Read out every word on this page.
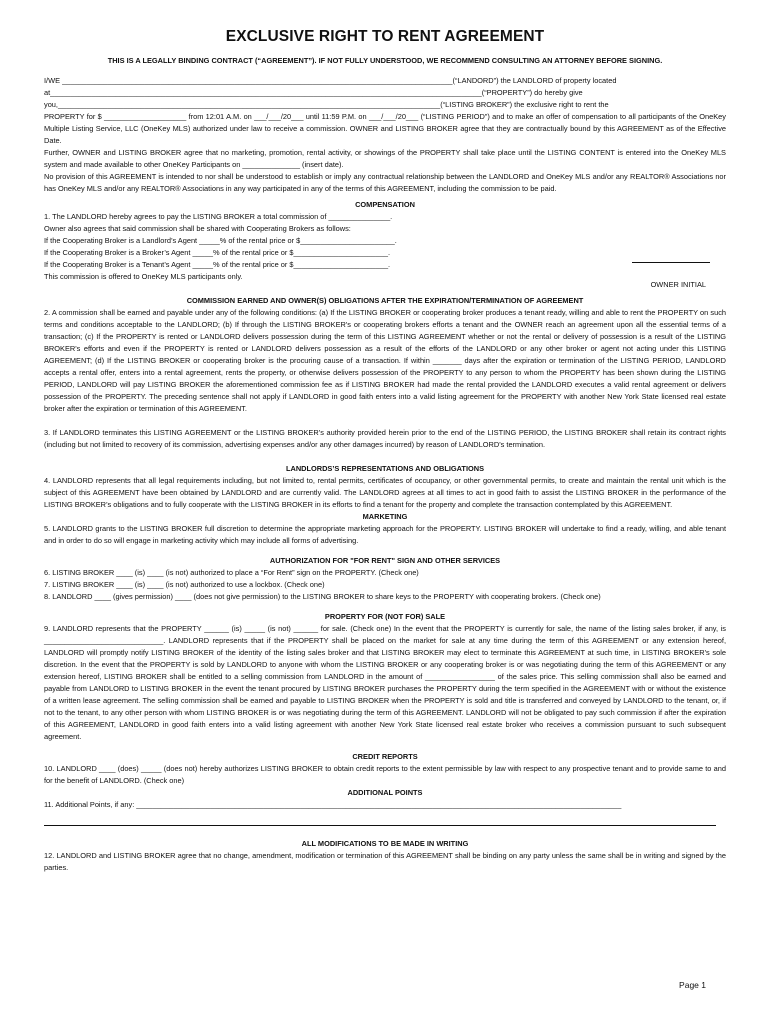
EXCLUSIVE RIGHT TO RENT AGREEMENT
THIS IS A LEGALLY BINDING CONTRACT (“AGREEMENT”). IF NOT FULLY UNDERSTOOD, WE RECOMMEND CONSULTING AN ATTORNEY BEFORE SIGNING.

I/WE _______________________________________________________________________________________________(“LANDORD”) the LANDLORD of property located

at_________________________________________________________________________________________________________(“PROPERTY”) do hereby give

you,_____________________________________________________________________________________________(“LISTING BROKER”) the exclusive right to rent the

PROPERTY for $ ____________________ from 12:01 A.M. on ___/___/20___ until 11:59 P.M. on ___/___/20___ (“LISTING PERIOD”) and to make an offer of compensation to all participants of the OneKey Multiple Listing Service, LLC (OneKey MLS) authorized under law to receive a commission. OWNER and LISTING BROKER agree that they are contractually bound by this AGREEMENT as of the Effective Date.

Further, OWNER and LISTING BROKER agree that no marketing, promotion, rental activity, or showings of the PROPERTY shall take place until the LISTING CONTENT is entered into the OneKey MLS system and made available to other OneKey Participants on ______________ (insert date).

No provision of this AGREEMENT is intended to nor shall be understood to establish or imply any contractual relationship between the LANDLORD and OneKey MLS and/or any REALTOR® Associations nor has OneKey MLS and/or any REALTOR® Associations in any way participated in any of the terms of this AGREEMENT, including the commission to be paid.

COMPENSATION

1. The LANDLORD hereby agrees to pay the LISTING BROKER a total commission of _______________.

Owner also agrees that said commission shall be shared with Cooperating Brokers as follows:

If the Cooperating Broker is a Landlord’s Agent _____% of the rental price or $_______________________.

If the Cooperating Broker is a Broker’s Agent _____% of the rental price or $_______________________.

If the Cooperating Broker is a Tenant’s Agent _____% of the rental price or $_______________________.

This commission is offered to OneKey MLS participants only.

COMMISSION EARNED AND OWNER(S) OBLIGATIONS AFTER THE EXPIRATION/TERMINATION OF AGREEMENT

2. A commission shall be earned and payable under any of the following conditions: (a) If the LISTING BROKER or cooperating broker produces a tenant ready, willing and able to rent the PROPERTY on such terms and conditions acceptable to the LANDLORD; (b) If through the LISTING BROKER's or cooperating brokers efforts a tenant and the OWNER reach an agreement upon all the essential terms of a transaction; (c) If the PROPERTY is rented or LANDLORD delivers possession during the term of this LISTING AGREEMENT whether or not the rental or delivery of possession is a result of the LISTING BROKER's efforts and even if the PROPERTY is rented or LANDLORD delivers possession as a result of the efforts of the LANDLORD or any other broker or agent not acting under this LISTING AGREEMENT; (d) If the LISTING BROKER or cooperating broker is the procuring cause of a transaction. If within _______ days after the expiration or termination of the LISTING PERIOD, LANDLORD accepts a rental offer, enters into a rental agreement, rents the property, or otherwise delivers possession of the PROPERTY to any person to whom the PROPERTY has been shown during the LISTING PERIOD, LANDLORD will pay LISTING BROKER the aforementioned commission fee as if LISTING BROKER had made the rental provided the LANDLORD executes a valid rental agreement or delivers possession of the PROPERTY. The preceding sentence shall not apply if LANDLORD in good faith enters into a valid listing agreement for the PROPERTY with another New York State licensed real estate broker after the expiration or termination of this AGREEMENT.

3. If LANDLORD terminates this LISTING AGREEMENT or the LISTING BROKER’s authority provided herein prior to the end of the LISTING PERIOD, the LISTING BROKER shall retain its contract rights (including but not limited to recovery of its commission, advertising expenses and/or any other damages incurred) by reason of LANDLORD’s termination.

LANDLORDS’S REPRESENTATIONS AND OBLIGATIONS

4. LANDLORD represents that all legal requirements including, but not limited to, rental permits, certificates of occupancy, or other governmental permits, to create and maintain the rental unit which is the subject of this AGREEMENT have been obtained by LANDLORD and are currently valid. The LANDLORD agrees at all times to act in good faith to assist the LISTING BROKER in the performance of the LISTING BROKER’s obligations and to fully cooperate with the LISTING BROKER in its efforts to find a tenant for the property and complete the transaction contemplated by this AGREEMENT.

MARKETING

5. LANDLORD grants to the LISTING BROKER full discretion to determine the appropriate marketing approach for the PROPERTY. LISTING BROKER will undertake to find a ready, willing, and able tenant and in order to do so will engage in marketing activity which may include all forms of advertising.

AUTHORIZATION FOR "FOR RENT" SIGN AND OTHER SERVICES

6. LISTING BROKER ____ (is) ____ (is not) authorized to place a “For Rent” sign on the PROPERTY. (Check one)

7. LISTING BROKER ____ (is) ____ (is not) authorized to use a lockbox. (Check one)

8. LANDLORD ____ (gives permission) ____ (does not give permission) to the LISTING BROKER to share keys to the PROPERTY with cooperating brokers. (Check one)

PROPERTY FOR (NOT FOR) SALE

9. LANDLORD represents that the PROPERTY ______ (is) _____ (is not) ______ for sale. (Check one) In the event that the PROPERTY is currently for sale, the name of the listing sales broker, if any, is _____________________________. LANDLORD represents that if the PROPERTY shall be placed on the market for sale at any time during the term of this AGREEMENT or any extension hereof, LANDLORD will promptly notify LISTING BROKER of the identity of the listing sales broker and that LISTING BROKER may elect to terminate this AGREEMENT at such time, in LISTING BROKER’s sole discretion. In the event that the PROPERTY is sold by LANDLORD to anyone with whom the LISTING BROKER or any cooperating broker is or was negotiating during the term of this AGREEMENT or any extension hereof, LISTING BROKER shall be entitled to a selling commission from LANDLORD in the amount of _________________ of the sales price. This selling commission shall also be earned and payable from LANDLORD to LISTING BROKER in the event the tenant procured by LISTING BROKER purchases the PROPERTY during the term specified in the AGREEMENT with or without the existence of a written lease agreement. The selling commission shall be earned and payable to LISTING BROKER when the PROPERTY is sold and title is transferred and conveyed by LANDLORD to the tenant, or, if not to the tenant, to any other person with whom LISTING BROKER is or was negotiating during the term of this AGREEMENT. LANDLORD will not be obligated to pay such commission if after the expiration of this AGREEMENT, LANDLORD in good faith enters into a valid listing agreement with another New York State licensed real estate broker who receives a commission pursuant to such subsequent agreement.

CREDIT REPORTS

10. LANDLORD ____ (does) _____ (does not) hereby authorizes LISTING BROKER to obtain credit reports to the extent permissible by law with respect to any prospective tenant and to provide same to and for the benefit of LANDLORD. (Check one)

ADDITIONAL POINTS

11. Additional Points, if any: ______________________________________________________________________________________________________________________

ALL MODIFICATIONS TO BE MADE IN WRITING

12. LANDLORD and LISTING BROKER agree that no change, amendment, modification or termination of this AGREEMENT shall be binding on any party unless the same shall be in writing and signed by the parties.

OWNER INITIAL
Page 1
